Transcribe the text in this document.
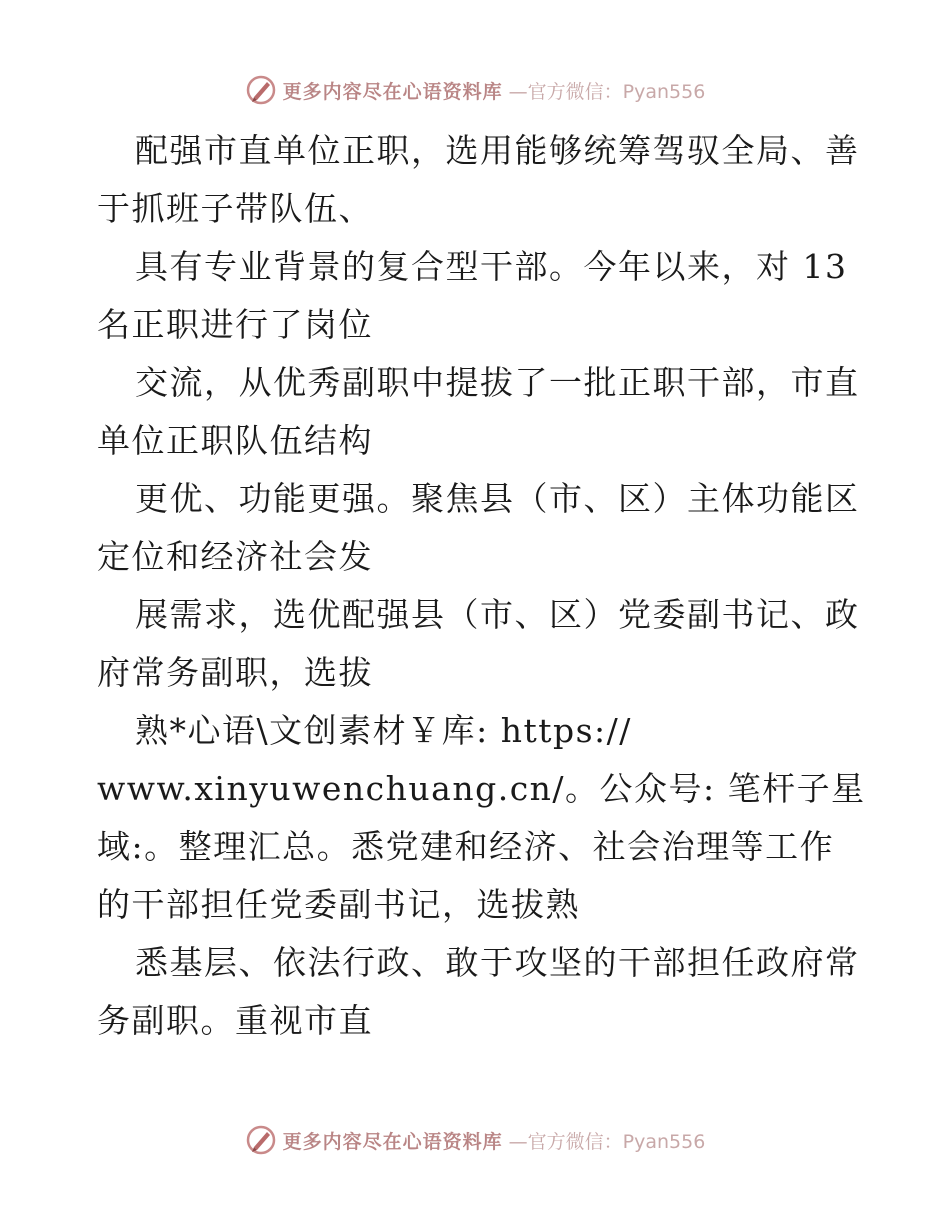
更多内容尽在心语资料库 —官方微信：Pyan556
配强市直单位正职，选用能够统筹驾驭全局、善
于抓班子带队伍、
具有专业背景的复合型干部。今年以来，对 13
名正职进行了岗位
交流，从优秀副职中提拔了一批正职干部，市直
单位正职队伍结构
更优、功能更强。聚焦县（市、区）主体功能区
定位和经济社会发
展需求，选优配强县（市、区）党委副书记、政
府常务副职，选拔
熟*心语\文创素材￥库: https://
www.xinyuwenchuang.cn/。公众号: 笔杆子星
域:。整理汇总。悉党建和经济、社会治理等工作
的干部担任党委副书记，选拔熟
悉基层、依法行政、敢于攻坚的干部担任政府常
务副职。重视市直
更多内容尽在心语资料库 —官方微信：Pyan556
